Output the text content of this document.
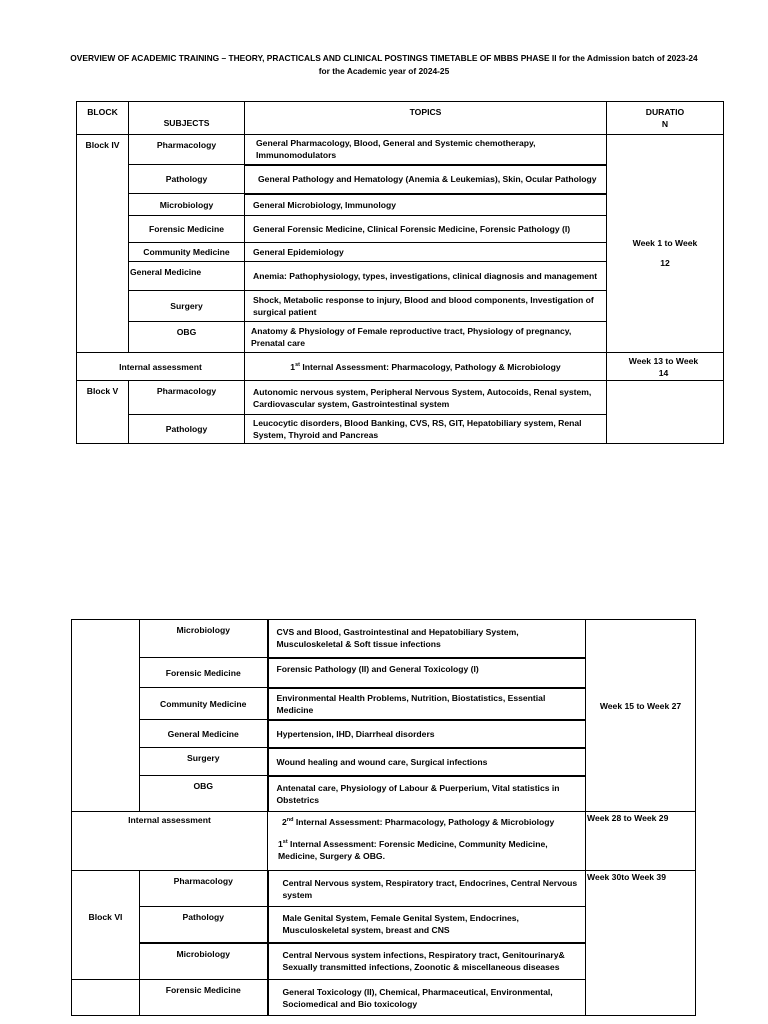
OVERVIEW OF ACADEMIC TRAINING – THEORY, PRACTICALS AND CLINICAL POSTINGS TIMETABLE OF MBBS PHASE II for the Admission batch of 2023-24
for the Academic year of 2024-25
BLOCK	SUBJECTS	TOPICS	DURATIO
N

Block IV	Pharmacology	General Pharmacology, Blood, General and Systemic chemotherapy, Immunomodulators	Week 1 to Week
12

	Pathology	General Pathology and Hematology (Anemia & Leukemias), Skin, Ocular Pathology	
	Microbiology	General Microbiology, Immunology	
	Forensic Medicine	General Forensic Medicine, Clinical Forensic Medicine, Forensic Pathology (I)	
	Community Medicine	General Epidemiology	
	General Medicine	Anemia: Pathophysiology, types, investigations, clinical diagnosis and management	
	Surgery	Shock, Metabolic response to injury, Blood and blood components, Investigation of surgical patient	
	OBG	Anatomy & Physiology of Female reproductive tract, Physiology of pregnancy, Prenatal care	
Internal assessment		1st Internal Assessment: Pharmacology, Pathology & Microbiology	Week 13 to Week
14

Block V	Pharmacology	Autonomic nervous system, Peripheral Nervous System, Autocoids, Renal system, Cardiovascular system, Gastrointestinal system	
	Pathology	Leucocytic disorders, Blood Banking, CVS, RS, GIT, Hepatobiliary system, Renal System, Thyroid and Pancreas	
	Microbiology	CVS and Blood, Gastrointestinal and Hepatobiliary System, Musculoskeletal & Soft tissue infections	Week 15 to Week 27
	Forensic Medicine	Forensic Pathology (II) and General Toxicology (I)	
	Community Medicine	Environmental Health Problems, Nutrition, Biostatistics, Essential Medicine	
	General Medicine	Hypertension, IHD, Diarrheal disorders	
	Surgery	Wound healing and wound care, Surgical infections	
	OBG	Antenatal care, Physiology of Labour & Puerperium, Vital statistics in Obstetrics	
Internal assessment		2nd Internal Assessment: Pharmacology, Pathology & Microbiology
1st Internal Assessment: Forensic Medicine, Community Medicine, Medicine, Surgery & OBG.	Week 28 to Week 29
Block VI	Pharmacology	Central Nervous system, Respiratory tract, Endocrines, Central Nervous system	Week 30to Week 39
	Pathology	Male Genital System, Female Genital System, Endocrines, Musculoskeletal system, breast and CNS	
	Microbiology	Central Nervous system infections, Respiratory tract, Genitourinary& Sexually transmitted infections, Zoonotic & miscellaneous diseases	
	Forensic Medicine	General Toxicology (II), Chemical, Pharmaceutical, Environmental, Sociomedical and Bio toxicology	
